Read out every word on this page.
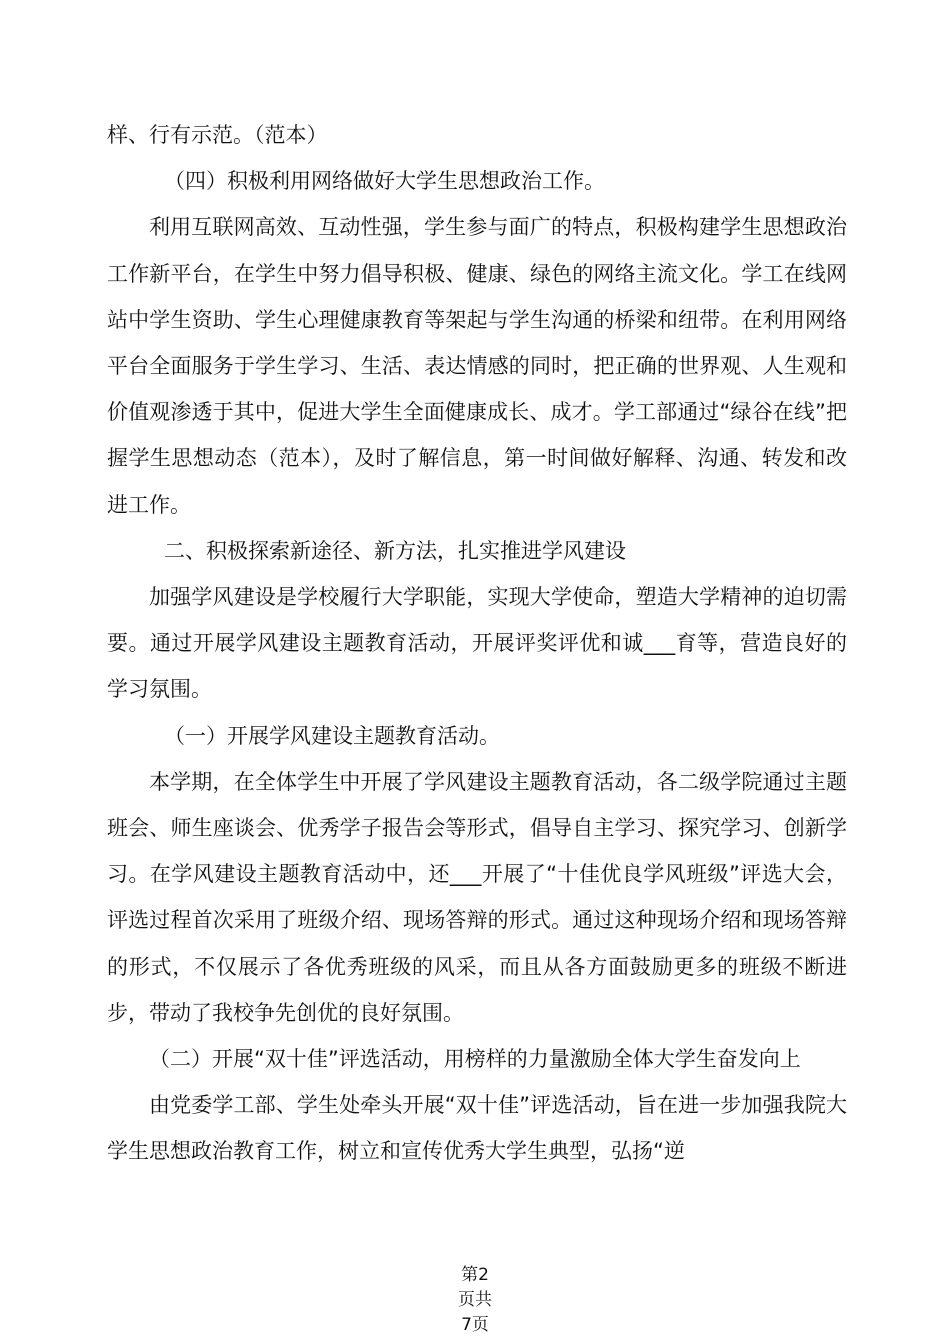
样、行有示范。（范本）

（四）积极利用网络做好大学生思想政治工作。

利用互联网高效、互动性强，学生参与面广的特点，积极构建学生思想政治工作新平台，在学生中努力倡导积极、健康、绿色的网络主流文化。学工在线网站中学生资助、学生心理健康教育等架起与学生沟通的桥梁和纽带。在利用网络平台全面服务于学生学习、生活、表达情感的同时，把正确的世界观、人生观和价值观渗透于其中，促进大学生全面健康成长、成才。学工部通过“绿谷在线”把握学生思想动态（范本），及时了解信息，第一时间做好解释、沟通、转发和改进工作。

二、积极探索新途径、新方法，扎实推进学风建设

加强学风建设是学校履行大学职能，实现大学使命，塑造大学精神的迫切需要。通过开展学风建设主题教育活动，开展评奖评优和诚___育等，营造良好的学习氛围。

（一）开展学风建设主题教育活动。

本学期，在全体学生中开展了学风建设主题教育活动，各二级学院通过主题班会、师生座谈会、优秀学子报告会等形式，倡导自主学习、探究学习、创新学习。在学风建设主题教育活动中，还___开展了“十佳优良学风班级”评选大会，评选过程首次采用了班级介绍、现场答辩的形式。通过这种现场介绍和现场答辩的形式，不仅展示了各优秀班级的风采，而且从各方面鼓励更多的班级不断进步，带动了我校争先创优的良好氛围。

（二）开展“双十佳”评选活动，用榜样的力量激励全体大学生奋发向上

由党委学工部、学生处牵头开展“双十佳”评选活动，旨在进一步加强我院大学生思想政治教育工作，树立和宣传优秀大学生典型，弘扬“逆

第2
页共
7页
